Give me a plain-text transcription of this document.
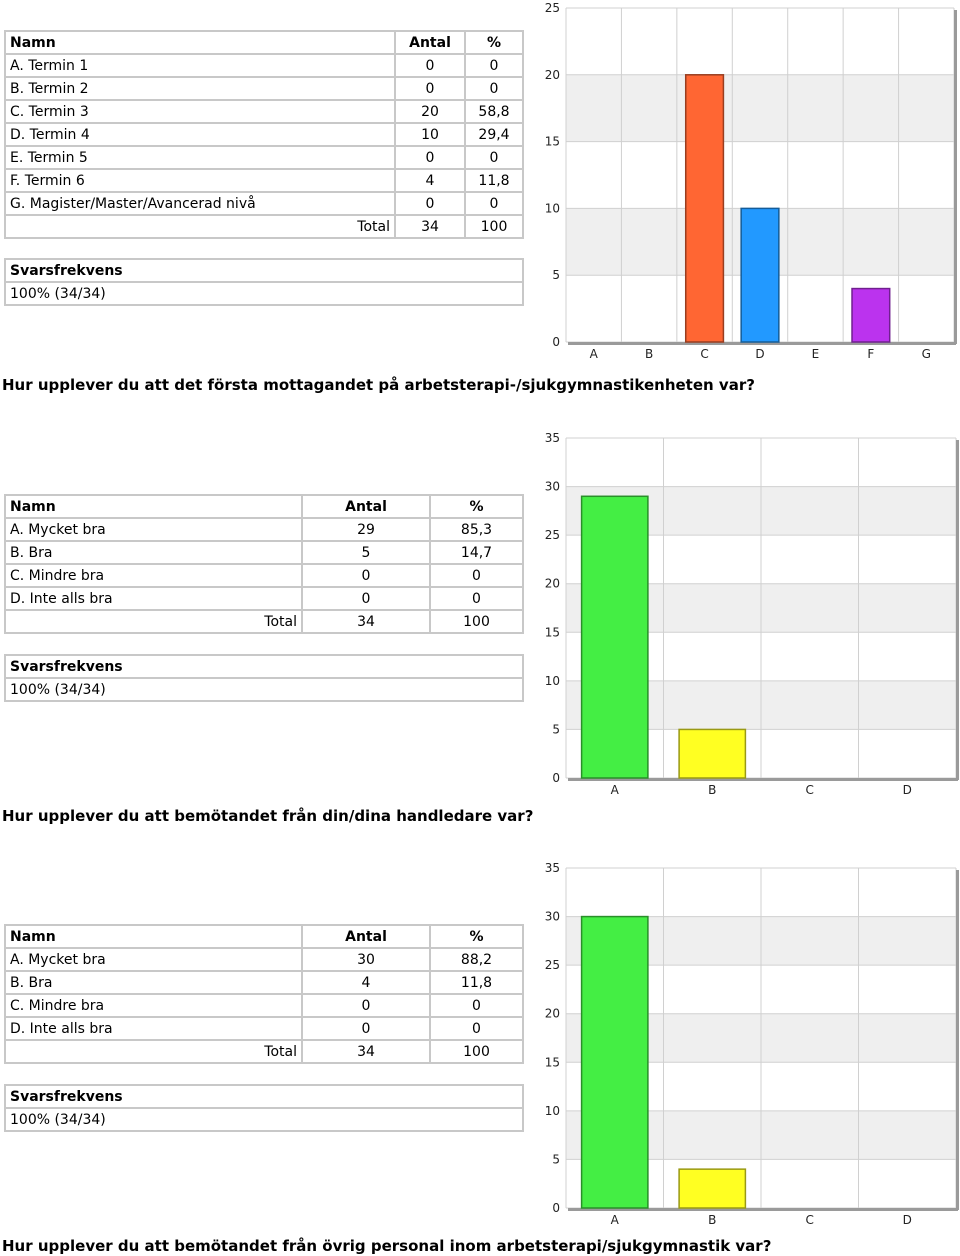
Namn	Antal	%
A. Termin 1	0	0
B. Termin 2	0	0
C. Termin 3	20	58,8
D. Termin 4	10	29,4
E. Termin 5	0	0
F. Termin 6	4	11,8
G. Magister/Master/Avancerad nivå	0	0
Total	34	100
Svarsfrekvens
100% (34/34)
0
5
10
15
20
25
A	B	C	D	E	F	G
Hur upplever du att det första mottagandet på arbetsterapi-/sjukgymnastikenheten var?
Namn	Antal	%
A. Mycket bra	29	85,3
B. Bra	5	14,7
C. Mindre bra	0	0
D. Inte alls bra	0	0
Total	34	100
Svarsfrekvens
100% (34/34)
0
5
10
15
20
25
30
35
A	B	C	D
Hur upplever du att bemötandet från din/dina handledare var?
Namn	Antal	%
A. Mycket bra	30	88,2
B. Bra	4	11,8
C. Mindre bra	0	0
D. Inte alls bra	0	0
Total	34	100
Svarsfrekvens
100% (34/34)
0
5
10
15
20
25
30
35
A	B	C	D
Hur upplever du att bemötandet från övrig personal inom arbetsterapi/sjukgymnastik var?
